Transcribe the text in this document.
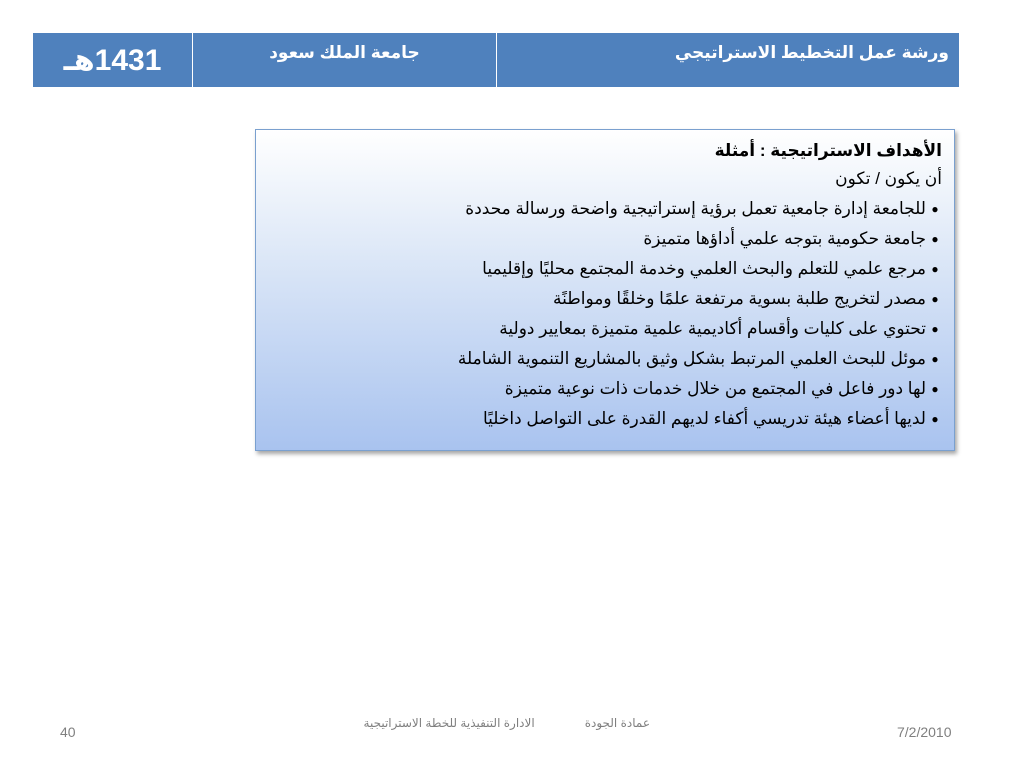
1431هـ	جامعة الملك سعود	ورشة عمل التخطيط الاستراتيجي
الأهداف الاستراتيجية : أمثلة
أن يكون / تكون
●
للجامعة إدارة جامعية تعمل برؤية إستراتيجية واضحة ورسالة محددة
●
جامعة حكومية بتوجه علمي أداؤها متميزة
●
مرجع علمي للتعلم والبحث العلمي وخدمة المجتمع محليًا وإقليميا
●
مصدر لتخريج طلبة بسوية مرتفعة علمًا وخلقًا ومواطنًة
●
تحتوي على كليات وأقسام أكاديمية علمية متميزة بمعايير دولية
●
موئل للبحث العلمي المرتبط بشكل وثيق بالمشاريع التنموية الشاملة
●
لها دور فاعل في المجتمع من خلال خدمات ذات نوعية متميزة
●
لديها أعضاء هيئة تدريسي أكفاء لديهم القدرة على التواصل داخليًا
40
عمادة الجودةالادارة التنفيذية للخطة الاستراتيجية
7/2/2010
